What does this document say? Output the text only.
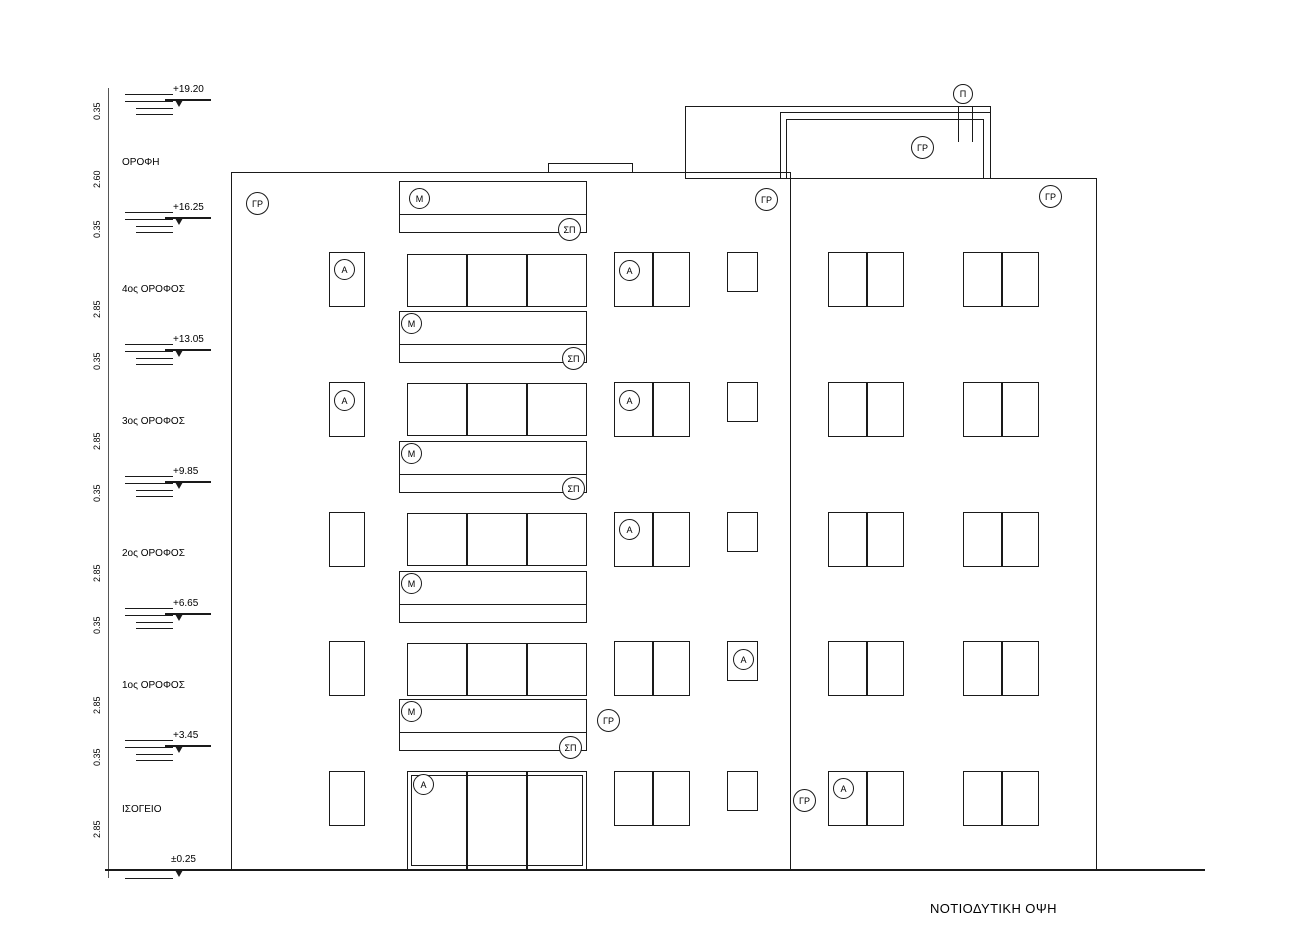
+19.20
0.35
2.60
ΟΡΟΦΗ
+16.25
0.35
2.85
4ος ΟΡΟΦΟΣ
+13.05
0.35
2.85
3ος ΟΡΟΦΟΣ
+9.85
0.35
2.85
2ος ΟΡΟΦΟΣ
+6.65
0.35
2.85
1ος ΟΡΟΦΟΣ
+3.45
0.35
2.85
ΙΣΟΓΕΙΟ
±0.25
Π
ΓΡ
ΓΡ	ΓΡ	ΓΡ
Μ
ΣΠ
Μ
ΣΠ
Μ
ΣΠ
Μ
Μ
ΣΠ
ΓΡ
ΓΡ
Α
Α
Α
Α
Α
Α
Α
Α
ΝΟΤΙΟΔΥΤΙΚΗ ΟΨΗ
